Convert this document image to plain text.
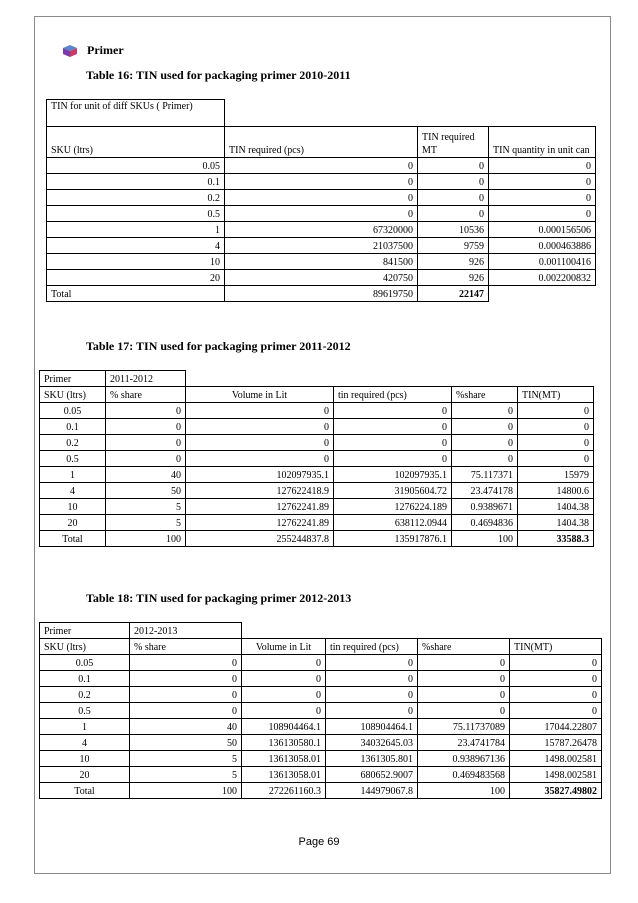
Primer
Table 16: TIN used for packaging primer 2010-2011
TIN for unit of diff SKUs ( Primer)			
SKU (ltrs)	TIN required (pcs)	TIN required MT	TIN quantity in unit can
0.05	0	0	0
0.1	0	0	0
0.2	0	0	0
0.5	0	0	0
1	67320000	10536	0.000156506
4	21037500	9759	0.000463886
10	841500	926	0.001100416
20	420750	926	0.002200832
Total	89619750	22147	
Table 17: TIN used for packaging primer 2011-2012
Primer	2011-2012				
SKU (ltrs)	% share	Volume in Lit	tin required (pcs)	%share	TIN(MT)
0.05	0	0	0	0	0
0.1	0	0	0	0	0
0.2	0	0	0	0	0
0.5	0	0	0	0	0
1	40	102097935.1	102097935.1	75.117371	15979
4	50	127622418.9	31905604.72	23.474178	14800.6
10	5	12762241.89	1276224.189	0.9389671	1404.38
20	5	12762241.89	638112.0944	0.4694836	1404.38
Total	100	255244837.8	135917876.1	100	33588.3
Table 18: TIN used for packaging primer 2012-2013
Primer	2012-2013				
SKU (ltrs)	% share	Volume in Lit	tin required (pcs)	%share	TIN(MT)
0.05	0	0	0	0	0
0.1	0	0	0	0	0
0.2	0	0	0	0	0
0.5	0	0	0	0	0
1	40	108904464.1	108904464.1	75.11737089	17044.22807
4	50	136130580.1	34032645.03	23.4741784	15787.26478
10	5	13613058.01	1361305.801	0.938967136	1498.002581
20	5	13613058.01	680652.9007	0.469483568	1498.002581
Total	100	272261160.3	144979067.8	100	35827.49802
Page 69
